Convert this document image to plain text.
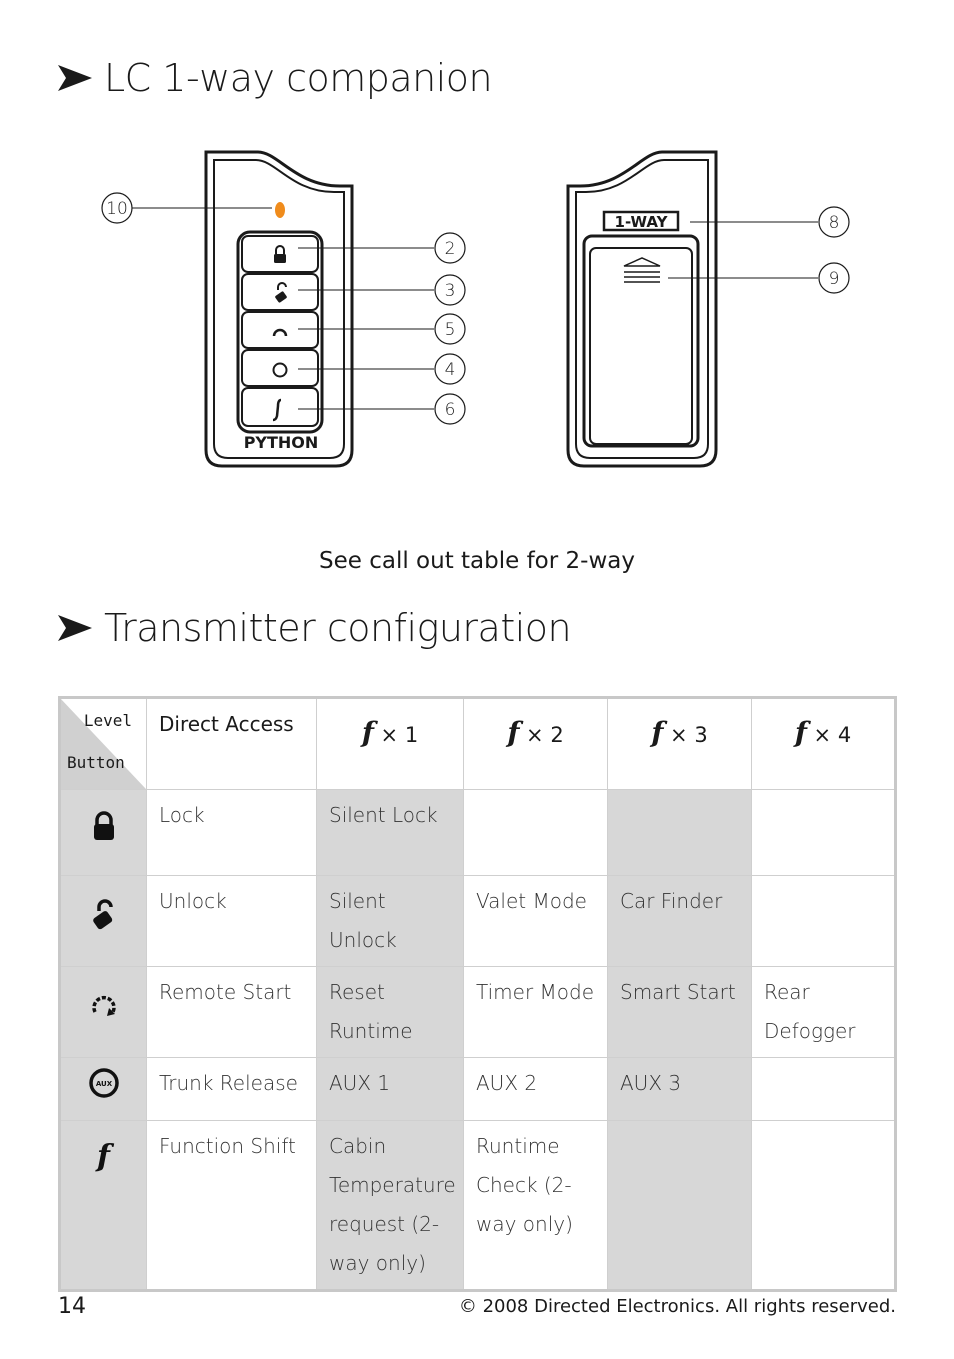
LC 1-way companion
PYTHON
1-WAY
10
2
3
5
4
6
8
9
See call out table for 2-way
Transmitter configuration
Level
Button	Direct Access	f × 1	f × 2	f × 3	f × 4
	Lock	Silent Lock			
	Unlock	Silent Unlock	Valet Mode	Car Finder	
	Remote Start	Reset Runtime	Timer Mode	Smart Start	Rear Defogger

AUX	Trunk Release	AUX 1	AUX 2	AUX 3	
f	Function Shift	Cabin Temperature request (2-way only)	Runtime Check (2-way only)		
14	© 2008 Directed Electronics. All rights reserved.
